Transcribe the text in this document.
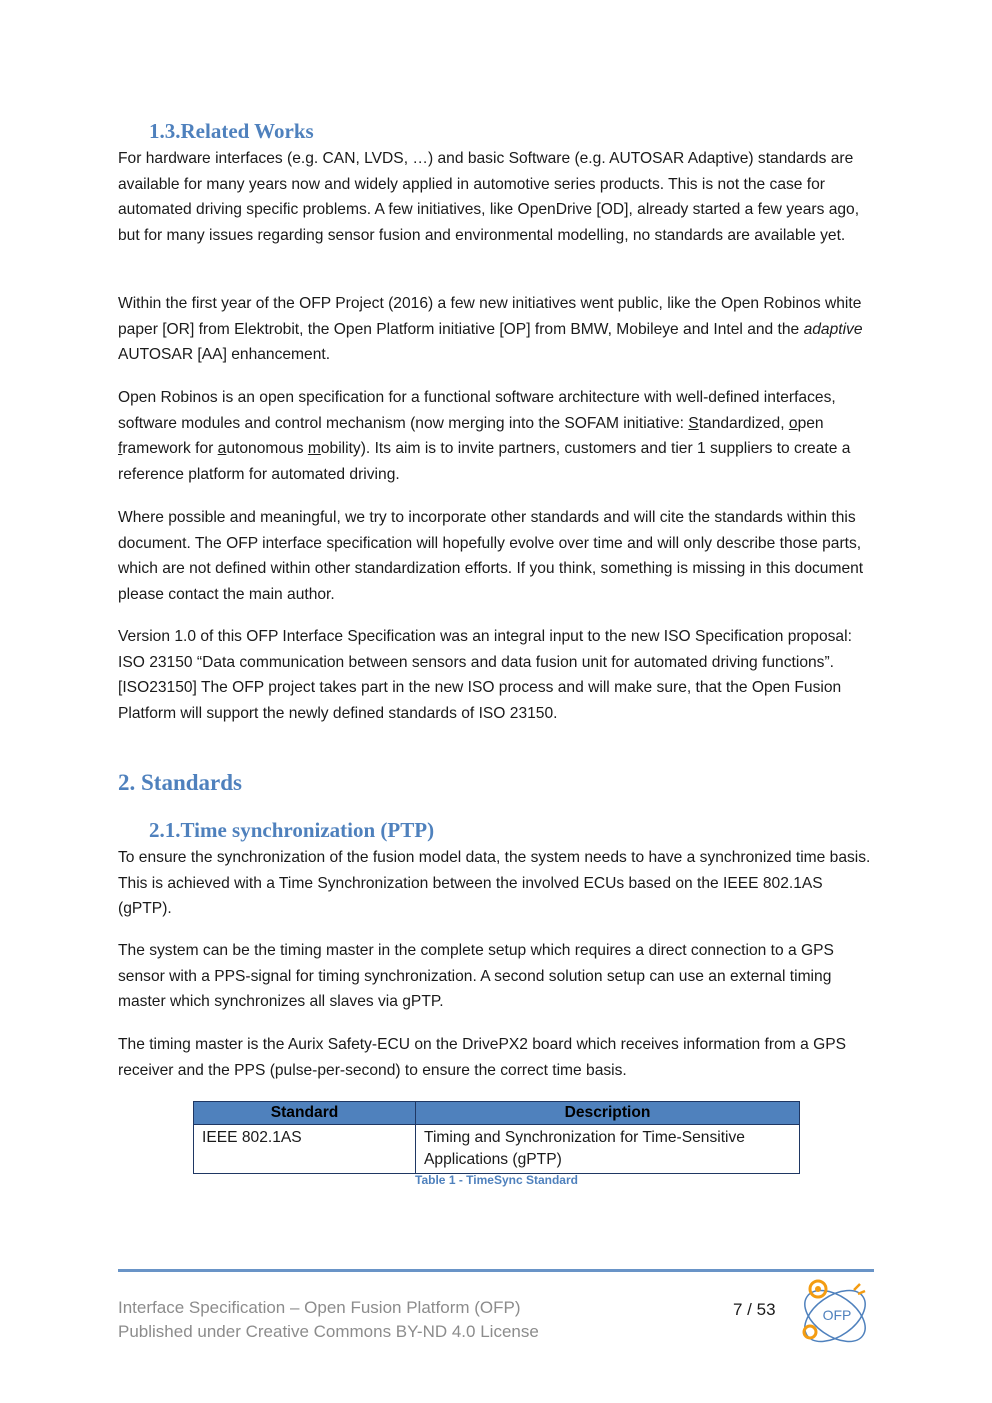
1.3.Related Works

For hardware interfaces (e.g. CAN, LVDS, …) and basic Software (e.g. AUTOSAR Adaptive) standards are available for many years now and widely applied in automotive series products. This is not the case for automated driving specific problems. A few initiatives, like OpenDrive [OD], already started a few years ago, but for many issues regarding sensor fusion and environmental modelling, no standards are available yet.

Within the first year of the OFP Project (2016) a few new initiatives went public, like the Open Robinos white paper [OR] from Elektrobit, the Open Platform initiative [OP] from BMW, Mobileye and Intel and the adaptive AUTOSAR [AA] enhancement.

Open Robinos is an open specification for a functional software architecture with well-defined interfaces, software modules and control mechanism (now merging into the SOFAM initiative: Standardized, open framework for autonomous mobility). Its aim is to invite partners, customers and tier 1 suppliers to create a reference platform for automated driving.

Where possible and meaningful, we try to incorporate other standards and will cite the standards within this document. The OFP interface specification will hopefully evolve over time and will only describe those parts, which are not defined within other standardization efforts. If you think, something is missing in this document please contact the main author.

Version 1.0 of this OFP Interface Specification was an integral input to the new ISO Specification proposal: ISO 23150 “Data communication between sensors and data fusion unit for automated driving functions”. [ISO23150] The OFP project takes part in the new ISO process and will make sure, that the Open Fusion Platform will support the newly defined standards of ISO 23150.

2. Standards
2.1.Time synchronization (PTP)

To ensure the synchronization of the fusion model data, the system needs to have a synchronized time basis. This is achieved with a Time Synchronization between the involved ECUs based on the IEEE 802.1AS (gPTP).

The system can be the timing master in the complete setup which requires a direct connection to a GPS sensor with a PPS-signal for timing synchronization. A second solution setup can use an external timing master which synchronizes all slaves via gPTP.

The timing master is the Aurix Safety-ECU on the DrivePX2 board which receives information from a GPS receiver and the PPS (pulse-per-second) to ensure the correct time basis.

Standard	Description
IEEE 802.1AS	Timing and Synchronization for Time-Sensitive Applications (gPTP)
Table 1 - TimeSync Standard
Interface Specification – Open Fusion Platform (OFP)
Published under Creative Commons BY-ND 4.0 License
7 / 53	OFP
